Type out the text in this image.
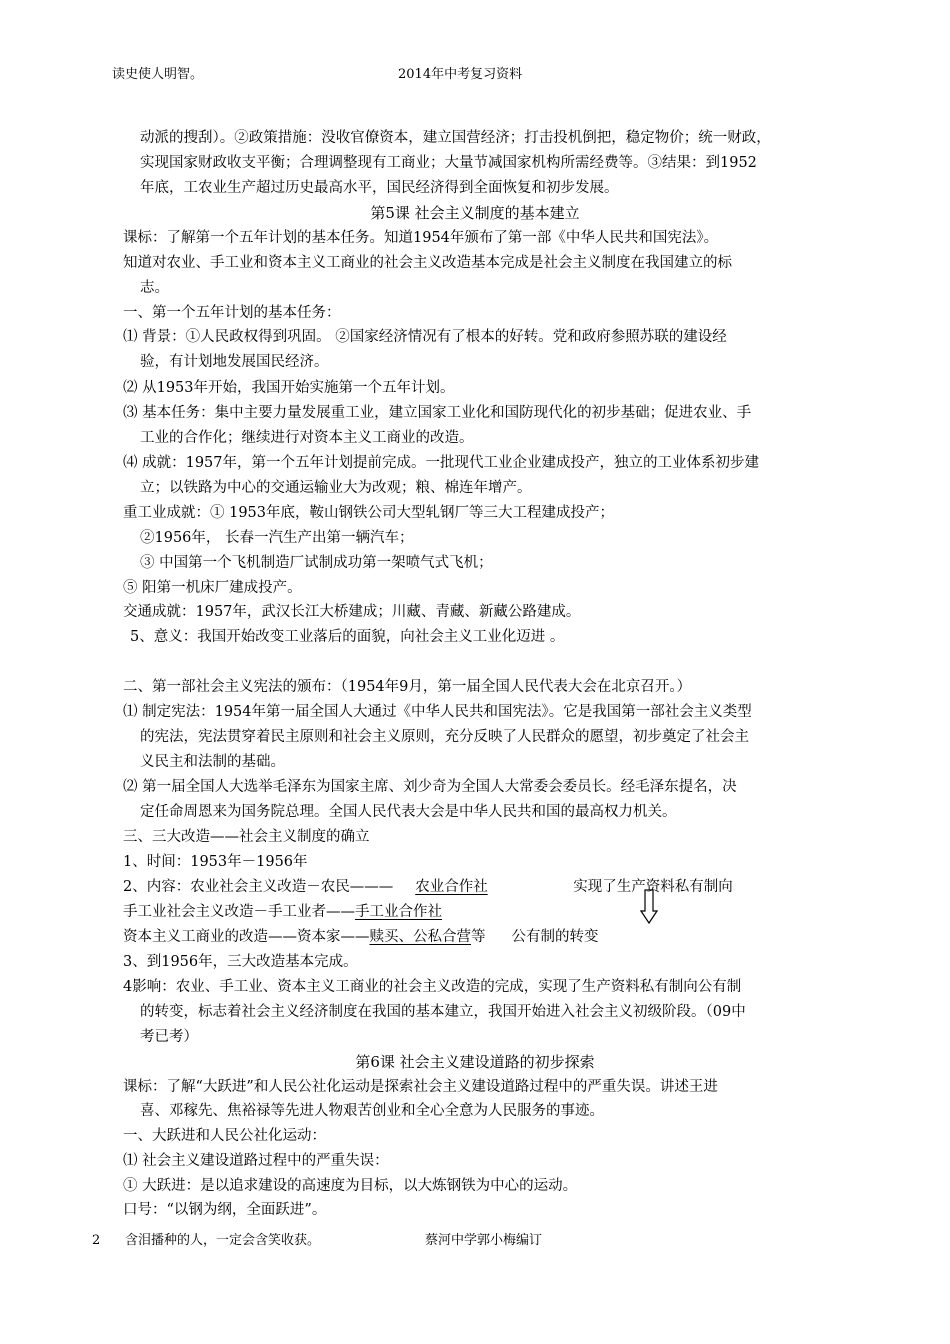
读史使人明智。	2014年中考复习资料
动派的搜刮）。②政策措施：没收官僚资本，建立国营经济；打击投机倒把，稳定物价；统一财政，
实现国家财政收支平衡；合理调整现有工商业；大量节减国家机构所需经费等。③结果：到1952
年底，工农业生产超过历史最高水平，国民经济得到全面恢复和初步发展。
第5课 社会主义制度的基本建立
课标：了解第一个五年计划的基本任务。知道1954年颁布了第一部《中华人民共和国宪法》。
知道对农业、手工业和资本主义工商业的社会主义改造基本完成是社会主义制度在我国建立的标
志。
一、第一个五年计划的基本任务：
⑴ 背景：①人民政权得到巩固。 ②国家经济情况有了根本的好转。党和政府参照苏联的建设经
验，有计划地发展国民经济。
⑵ 从1953年开始，我国开始实施第一个五年计划。
⑶ 基本任务：集中主要力量发展重工业，建立国家工业化和国防现代化的初步基础；促进农业、手
工业的合作化；继续进行对资本主义工商业的改造。
⑷ 成就：1957年，第一个五年计划提前完成。一批现代工业企业建成投产，独立的工业体系初步建
立；以铁路为中心的交通运输业大为改观；粮、棉连年增产。
重工业成就：① 1953年底，鞍山钢铁公司大型轧钢厂等三大工程建成投产；
②1956年， 长春一汽生产出第一辆汽车；
③ 中国第一个飞机制造厂试制成功第一架喷气式飞机；
⑤ 阳第一机床厂建成投产。
交通成就：1957年，武汉长江大桥建成；川藏、青藏、新藏公路建成。
5、意义：我国开始改变工业落后的面貌，向社会主义工业化迈进 。
二、第一部社会主义宪法的颁布：（1954年9月，第一届全国人民代表大会在北京召开。）
⑴ 制定宪法：1954年第一届全国人大通过《中华人民共和国宪法》。它是我国第一部社会主义类型
的宪法，宪法贯穿着民主原则和社会主义原则，充分反映了人民群众的愿望，初步奠定了社会主
义民主和法制的基础。
⑵ 第一届全国人大选举毛泽东为国家主席、刘少奇为全国人大常委会委员长。经毛泽东提名，决
定任命周恩来为国务院总理。全国人民代表大会是中华人民共和国的最高权力机关。
三、三大改造——社会主义制度的确立
1、时间：1953年－1956年
2、内容：农业社会主义改造－农民——— 农业合作社	实现了生产资料私有制向
手工业社会主义改造－手工业者——手工业合作社
资本主义工商业的改造——资本家——赎买、公私合营等 公有制的转变
3、到1956年，三大改造基本完成。
4影响：农业、手工业、资本主义工商业的社会主义改造的完成，实现了生产资料私有制向公有制
的转变，标志着社会主义经济制度在我国的基本建立，我国开始进入社会主义初级阶段。（09中
考已考）
第6课 社会主义建设道路的初步探索
课标：了解“大跃进”和人民公社化运动是探索社会主义建设道路过程中的严重失误。讲述王进
喜、邓稼先、焦裕禄等先进人物艰苦创业和全心全意为人民服务的事迹。
一、大跃进和人民公社化运动：
⑴ 社会主义建设道路过程中的严重失误：
① 大跃进：是以追求建设的高速度为目标，以大炼钢铁为中心的运动。
口号：“以钢为纲，全面跃进”。
2 含泪播种的人，一定会含笑收获。	蔡河中学郭小梅编订
